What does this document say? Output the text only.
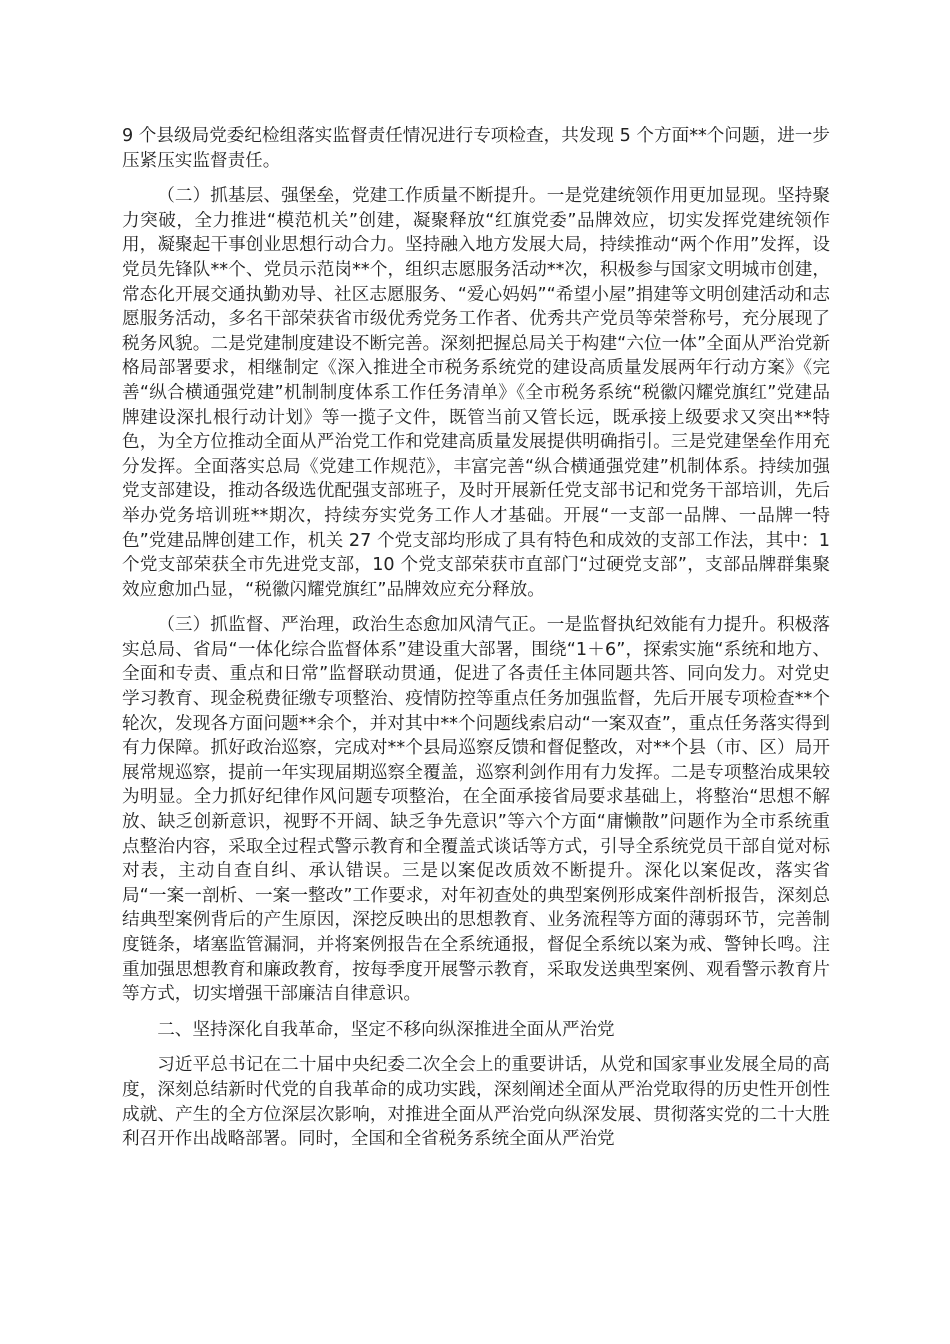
9 个县级局党委纪检组落实监督责任情况进行专项检查，共发现 5 个方面**个问题，进一步压紧压实监督责任。

（二）抓基层、强堡垒，党建工作质量不断提升。一是党建统领作用更加显现。坚持聚力突破，全力推进“模范机关”创建，凝聚释放“红旗党委”品牌效应，切实发挥党建统领作用，凝聚起干事创业思想行动合力。坚持融入地方发展大局，持续推动“两个作用”发挥，设党员先锋队**个、党员示范岗**个，组织志愿服务活动**次，积极参与国家文明城市创建，常态化开展交通执勤劝导、社区志愿服务、“爱心妈妈”“希望小屋”捐建等文明创建活动和志愿服务活动，多名干部荣获省市级优秀党务工作者、优秀共产党员等荣誉称号，充分展现了税务风貌。二是党建制度建设不断完善。深刻把握总局关于构建“六位一体”全面从严治党新格局部署要求，相继制定《深入推进全市税务系统党的建设高质量发展两年行动方案》《完善“纵合横通强党建”机制制度体系工作任务清单》《全市税务系统“税徽闪耀党旗红”党建品牌建设深扎根行动计划》等一揽子文件，既管当前又管长远，既承接上级要求又突出**特色，为全方位推动全面从严治党工作和党建高质量发展提供明确指引。三是党建堡垒作用充分发挥。全面落实总局《党建工作规范》，丰富完善“纵合横通强党建”机制体系。持续加强党支部建设，推动各级选优配强支部班子，及时开展新任党支部书记和党务干部培训，先后举办党务培训班**期次，持续夯实党务工作人才基础。开展“一支部一品牌、一品牌一特色”党建品牌创建工作，机关 27 个党支部均形成了具有特色和成效的支部工作法，其中：1 个党支部荣获全市先进党支部，10 个党支部荣获市直部门“过硬党支部”，支部品牌群集聚效应愈加凸显，“税徽闪耀党旗红”品牌效应充分释放。

（三）抓监督、严治理，政治生态愈加风清气正。一是监督执纪效能有力提升。积极落实总局、省局“一体化综合监督体系”建设重大部署，围绕“1＋6”，探索实施“系统和地方、全面和专责、重点和日常”监督联动贯通，促进了各责任主体同题共答、同向发力。对党史学习教育、现金税费征缴专项整治、疫情防控等重点任务加强监督，先后开展专项检查**个轮次，发现各方面问题**余个，并对其中**个问题线索启动“一案双查”，重点任务落实得到有力保障。抓好政治巡察，完成对**个县局巡察反馈和督促整改，对**个县（市、区）局开展常规巡察，提前一年实现届期巡察全覆盖，巡察利剑作用有力发挥。二是专项整治成果较为明显。全力抓好纪律作风问题专项整治，在全面承接省局要求基础上，将整治“思想不解放、缺乏创新意识，视野不开阔、缺乏争先意识”等六个方面“庸懒散”问题作为全市系统重点整治内容，采取全过程式警示教育和全覆盖式谈话等方式，引导全系统党员干部自觉对标对表，主动自查自纠、承认错误。三是以案促改质效不断提升。深化以案促改，落实省局“一案一剖析、一案一整改”工作要求，对年初查处的典型案例形成案件剖析报告，深刻总结典型案例背后的产生原因，深挖反映出的思想教育、业务流程等方面的薄弱环节，完善制度链条，堵塞监管漏洞，并将案例报告在全系统通报，督促全系统以案为戒、警钟长鸣。注重加强思想教育和廉政教育，按每季度开展警示教育，采取发送典型案例、观看警示教育片等方式，切实增强干部廉洁自律意识。

二、坚持深化自我革命，坚定不移向纵深推进全面从严治党

习近平总书记在二十届中央纪委二次全会上的重要讲话，从党和国家事业发展全局的高度，深刻总结新时代党的自我革命的成功实践，深刻阐述全面从严治党取得的历史性开创性成就、产生的全方位深层次影响，对推进全面从严治党向纵深发展、贯彻落实党的二十大胜利召开作出战略部署。同时，全国和全省税务系统全面从严治党
